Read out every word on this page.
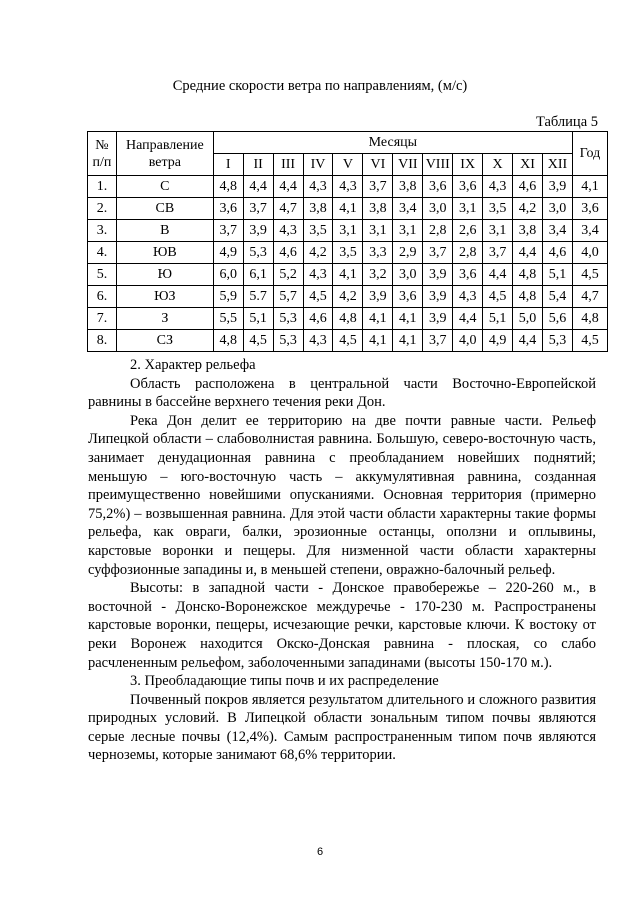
Средние скорости ветра по направлениям, (м/с)
Таблица 5
№ п/п	Направление ветра	Месяцы												Год
		I	II	III	IV	V	VI	VII	VIII	IX	X	XI	XII	
1.	С	4,8	4,4	4,4	4,3	4,3	3,7	3,8	3,6	3,6	4,3	4,6	3,9	4,1
2.	СВ	3,6	3,7	4,7	3,8	4,1	3,8	3,4	3,0	3,1	3,5	4,2	3,0	3,6
3.	В	3,7	3,9	4,3	3,5	3,1	3,1	3,1	2,8	2,6	3,1	3,8	3,4	3,4
4.	ЮВ	4,9	5,3	4,6	4,2	3,5	3,3	2,9	3,7	2,8	3,7	4,4	4,6	4,0
5.	Ю	6,0	6,1	5,2	4,3	4,1	3,2	3,0	3,9	3,6	4,4	4,8	5,1	4,5
6.	ЮЗ	5,9	5.7	5,7	4,5	4,2	3,9	3,6	3,9	4,3	4,5	4,8	5,4	4,7
7.	З	5,5	5,1	5,3	4,6	4,8	4,1	4,1	3,9	4,4	5,1	5,0	5,6	4,8
8.	СЗ	4,8	4,5	5,3	4,3	4,5	4,1	4,1	3,7	4,0	4,9	4,4	5,3	4,5

2. Характер рельефа

Область расположена в центральной части Восточно-Европейской равнины в бассейне верхнего течения реки Дон.

Река Дон делит ее территорию на две почти равные части. Рельеф Липецкой области – слабоволнистая равнина. Большую, северо-восточную часть, занимает денудационная равнина с преобладанием новейших поднятий; меньшую – юго-восточную часть – аккумулятивная равнина, созданная преимущественно новейшими опусканиями. Основная территория (примерно 75,2%) – возвышенная равнина. Для этой части области характерны такие формы рельефа, как овраги, балки, эрозионные останцы, оползни и оплывины, карстовые воронки и пещеры. Для низменной части области характерны суффозионные западины и, в меньшей степени, овражно-балочный рельеф.

Высоты: в западной части - Донское правобережье – 220-260 м., в восточной - Донско-Воронежское междуречье - 170-230 м. Распространены карстовые воронки, пещеры, исчезающие речки, карстовые ключи. К востоку от реки Воронеж находится Окско-Донская равнина - плоская, со слабо расчлененным рельефом, заболоченными западинами (высоты 150-170 м.).

3. Преобладающие типы почв и их распределение

Почвенный покров является результатом длительного и сложного развития природных условий. В Липецкой области зональным типом почвы являются серые лесные почвы (12,4%). Самым распространенным типом почв являются черноземы, которые занимают 68,6% территории.

6
